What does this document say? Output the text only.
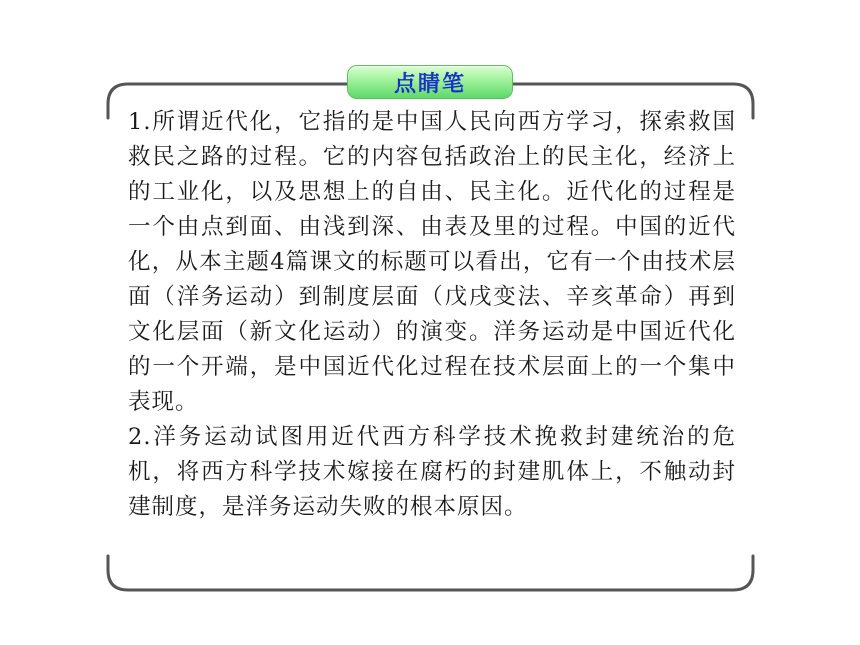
点睛笔

1.所谓近代化，它指的是中国人民向西方学习，探索救国救民之路的过程。它的内容包括政治上的民主化，经济上的工业化，以及思想上的自由、民主化。近代化的过程是一个由点到面、由浅到深、由表及里的过程。中国的近代化，从本主题4篇课文的标题可以看出，它有一个由技术层面（洋务运动）到制度层面（戊戌变法、辛亥革命）再到文化层面（新文化运动）的演变。洋务运动是中国近代化的一个开端，是中国近代化过程在技术层面上的一个集中表现。

2.洋务运动试图用近代西方科学技术挽救封建统治的危机，将西方科学技术嫁接在腐朽的封建肌体上，不触动封建制度，是洋务运动失败的根本原因。
